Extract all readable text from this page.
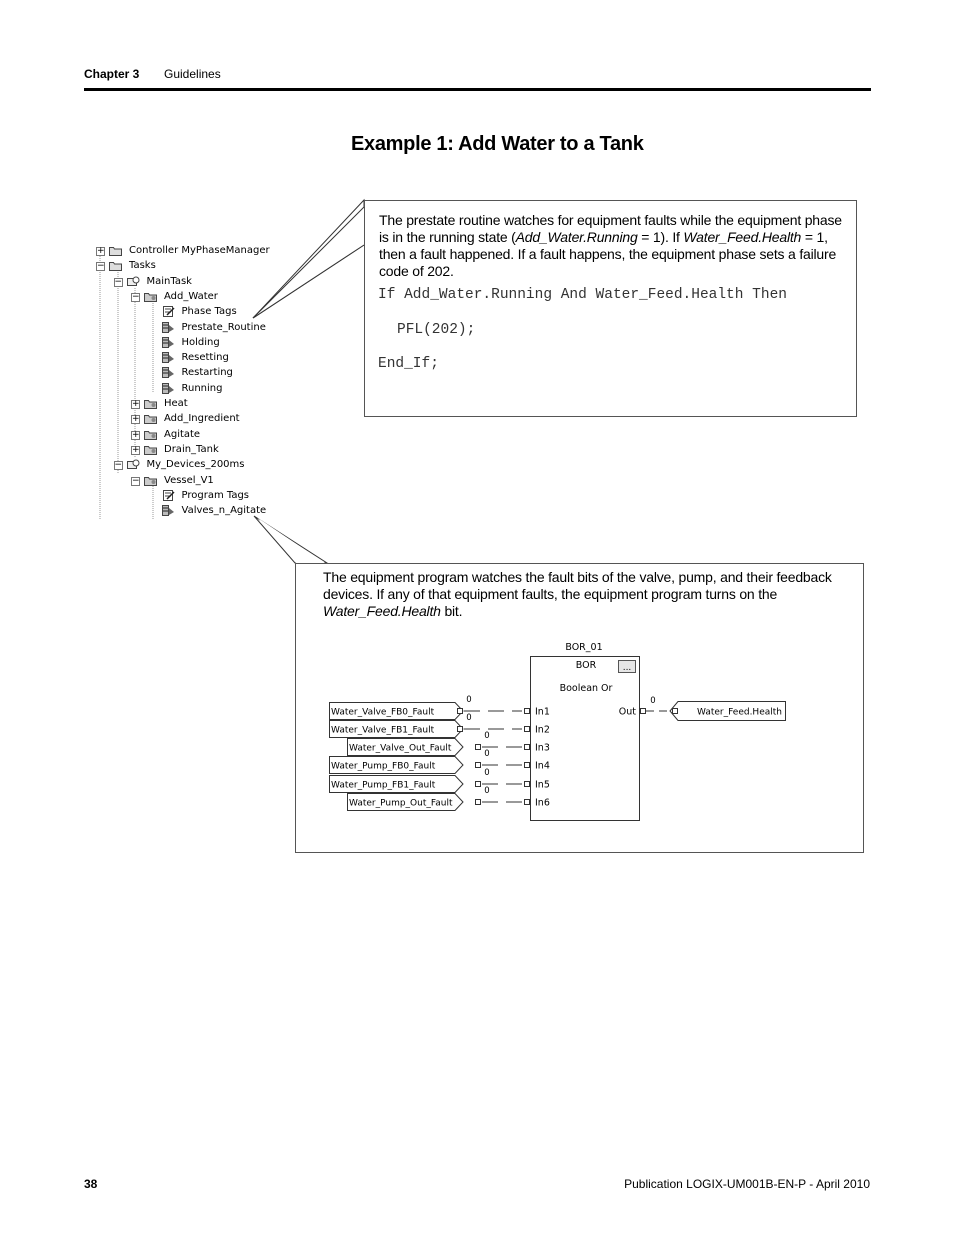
Chapter 3 Guidelines
Example 1: Add Water to a Tank
The prestate routine watches for equipment faults while the equipment phase is in the running state (Add_Water.Running = 1). If Water_Feed.Health = 1, then a fault happened. If a fault happens, the equipment phase sets a failure code of 202.
If Add_Water.Running And Water_Feed.Health Then
PFL(202);
End_If;
The equipment program watches the fault bits of the valve, pump, and their feedback devices. If any of that equipment faults, the equipment program turns on the Water_Feed.Health bit.
+ Controller MyPhaseManager
− Tasks
− MainTask
− Add_Water
Phase Tags
Prestate_Routine
Holding
Resetting
Restarting
Running
+ Heat
+ Add_Ingredient
+ Agitate
+ Drain_Tank
− My_Devices_200ms
− Vessel_V1
Program Tags
Valves_n_Agitate
BOR_01
BOR	...
Boolean Or
Water_Valve_FB0_Fault
0
In1
Water_Valve_FB1_Fault
0
In2
Water_Valve_Out_Fault
0
In3
Water_Pump_FB0_Fault
0
In4
Water_Pump_FB1_Fault
0
In5
Water_Pump_Out_Fault
0
In6
Out
0
Water_Feed.Health
38	Publication LOGIX-UM001B-EN-P - April 2010
